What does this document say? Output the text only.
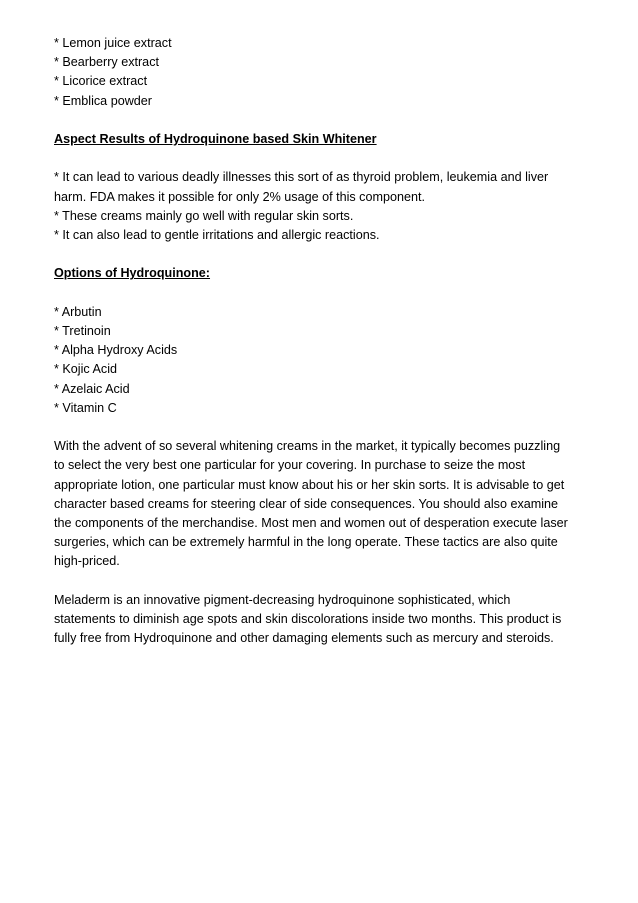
* Lemon juice extract
* Bearberry extract
* Licorice extract
* Emblica powder
Aspect Results of Hydroquinone based Skin Whitener
* It can lead to various deadly illnesses this sort of as thyroid problem, leukemia and liver
harm. FDA makes it possible for only 2% usage of this component.
* These creams mainly go well with regular skin sorts.
* It can also lead to gentle irritations and allergic reactions.
Options of Hydroquinone:
* Arbutin
* Tretinoin
* Alpha Hydroxy Acids
* Kojic Acid
* Azelaic Acid
* Vitamin C
With the advent of so several whitening creams in the market, it typically becomes puzzling
to select the very best one particular for your covering. In purchase to seize the most
appropriate lotion, one particular must know about his or her skin sorts. It is advisable to get
character based creams for steering clear of side consequences. You should also examine
the components of the merchandise. Most men and women out of desperation execute laser
surgeries, which can be extremely harmful in the long operate. These tactics are also quite
high-priced.
Meladerm is an innovative pigment-decreasing hydroquinone sophisticated, which
statements to diminish age spots and skin discolorations inside two months. This product is
fully free from Hydroquinone and other damaging elements such as mercury and steroids.
